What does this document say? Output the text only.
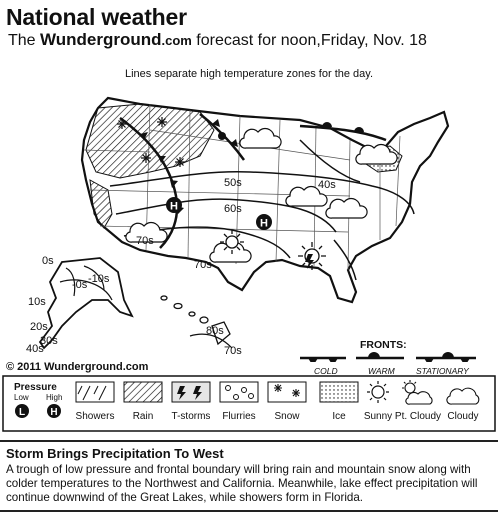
National weather
The Wunderground.com forecast for noon,Friday, Nov. 18
Lines separate high temperature zones for the day.
H
H
50s	40s
60s
70s
70s
0s
-0s -10s
10s
20s
30s
40s
80s
70s	FRONTS:
© 2011 Wunderground.com	COLD	WARM STATIONARY
Pressure
Low High
L	H Showers Rain T-storms Flurries Snow	Ice Sunny Pt. Cloudy Cloudy
Storm Brings Precipitation To West
A trough of low pressure and frontal boundary will bring rain and mountain snow along with colder temperatures to the Northwest and California. Meanwhile, lake effect precipitation will continue downwind of the Great Lakes, while showers form in Florida.
